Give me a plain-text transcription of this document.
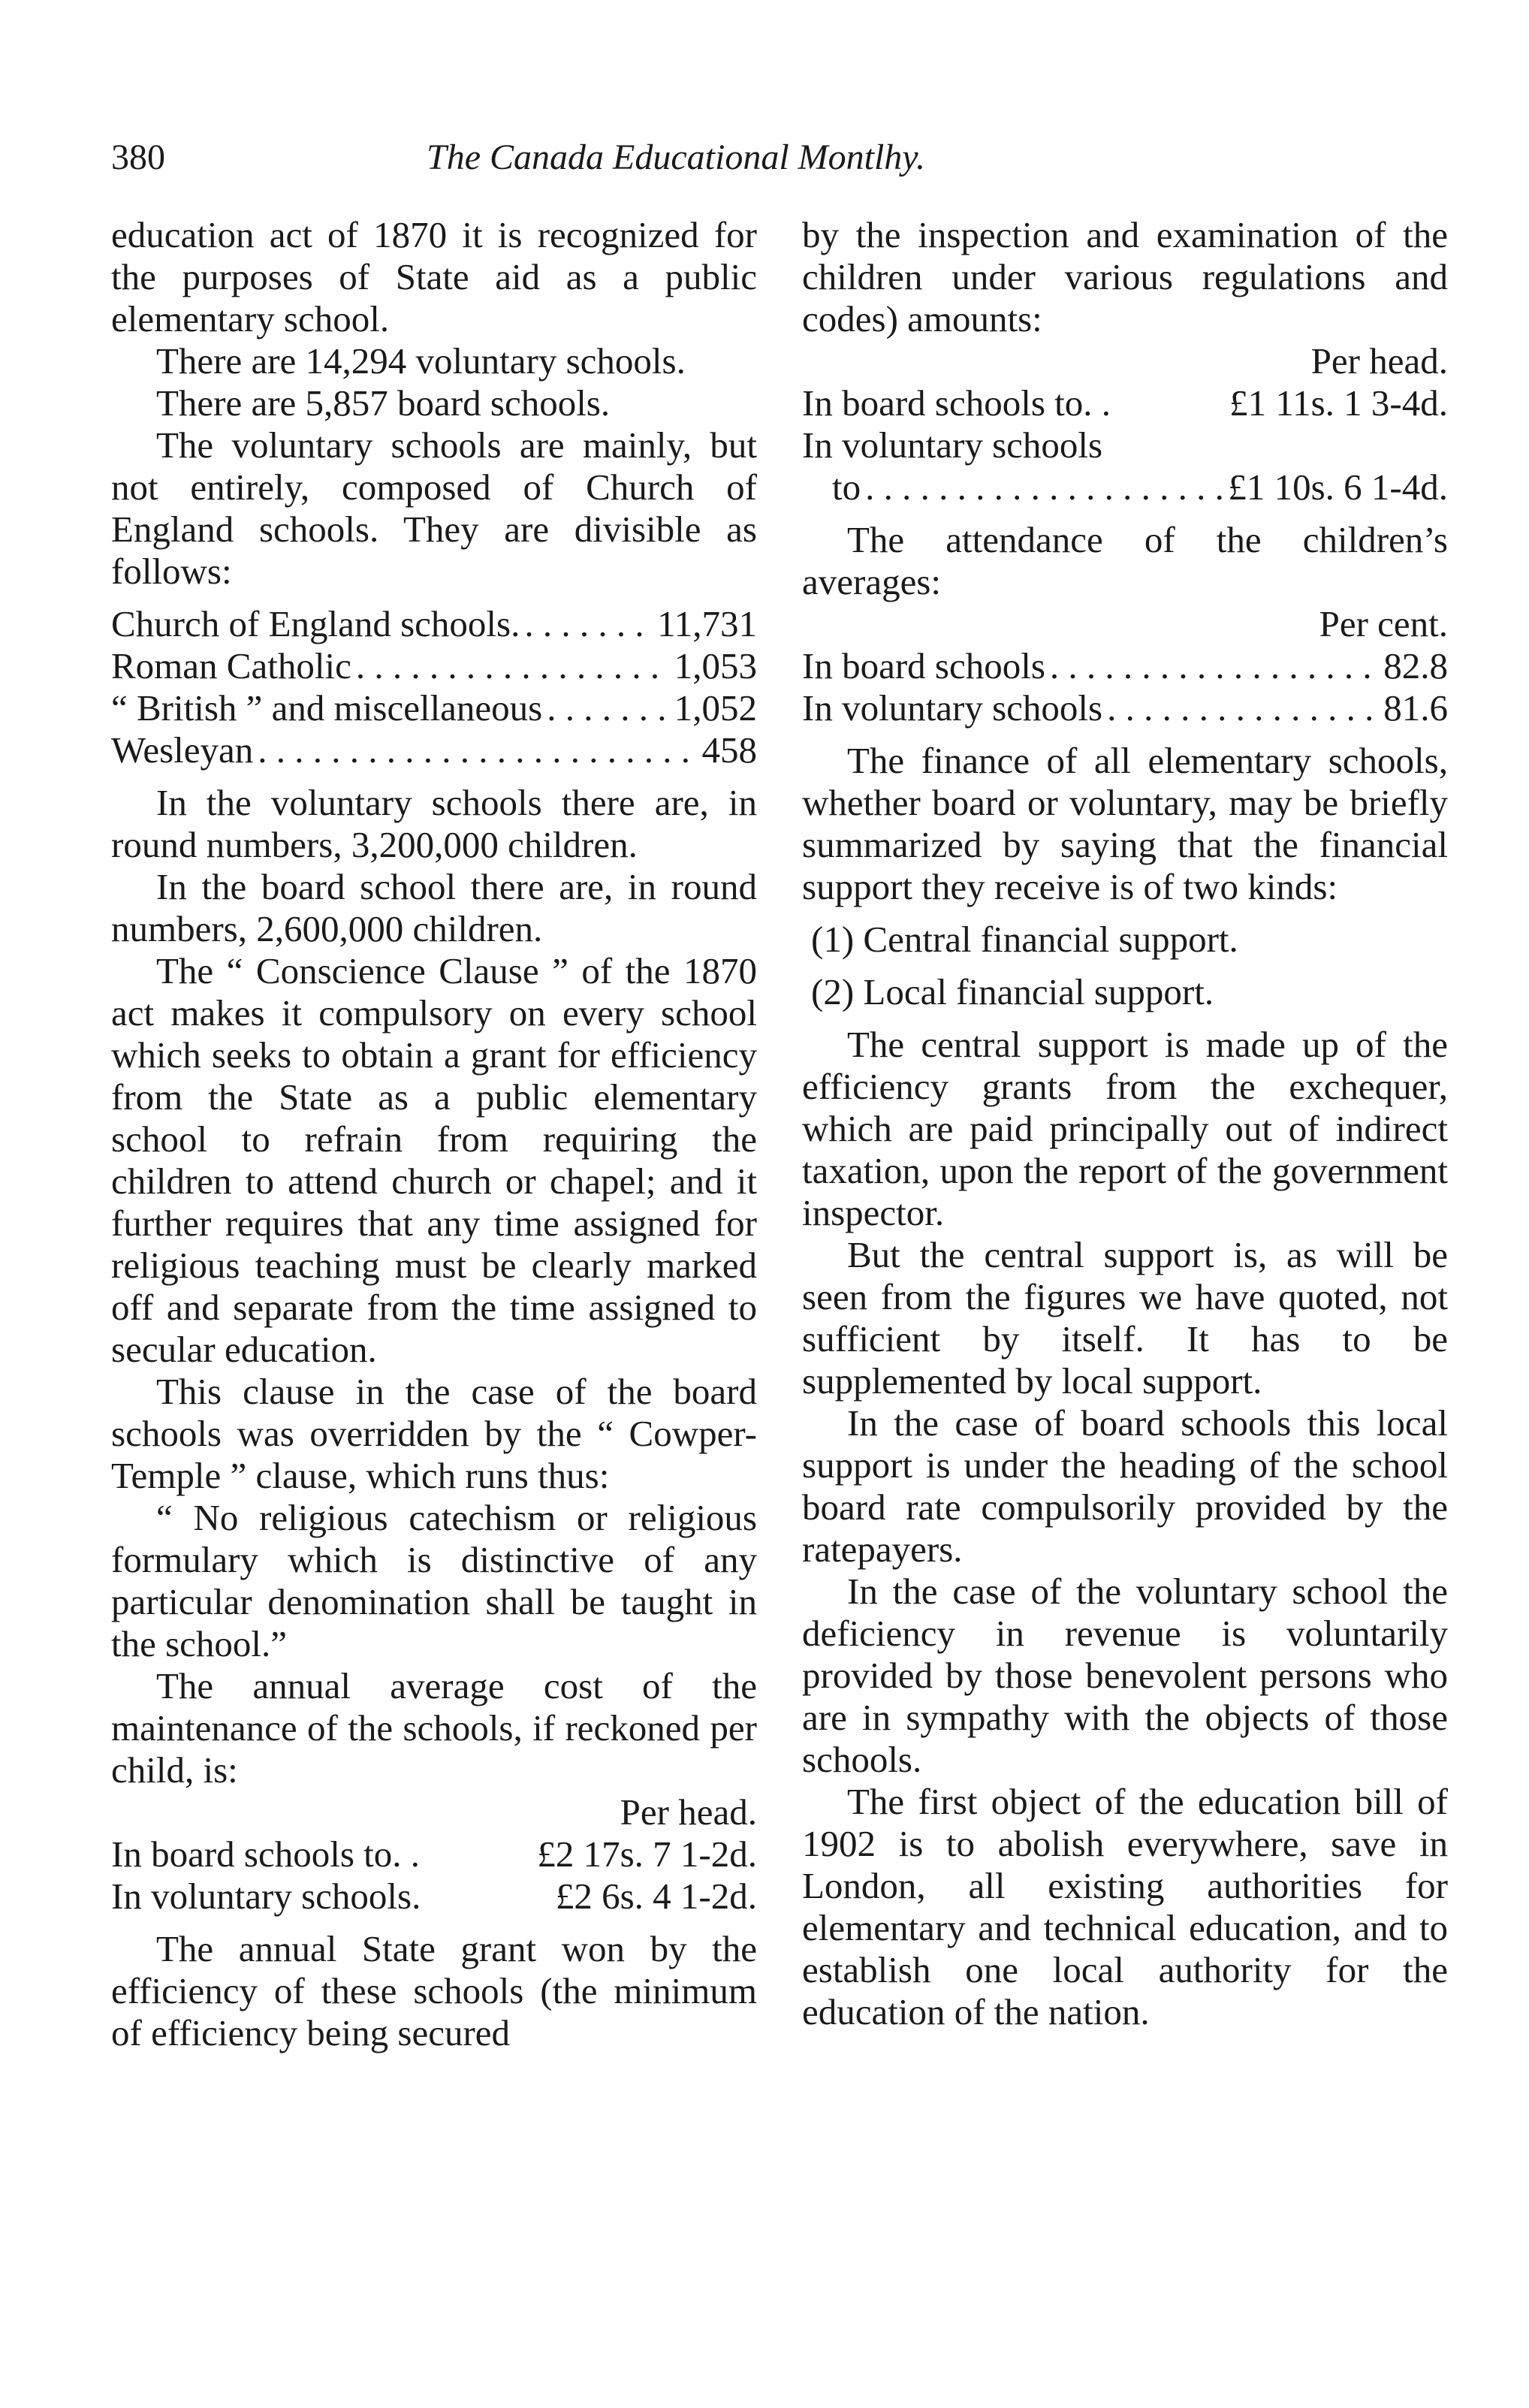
380	The Canada Educational Montlhy.

education act of 1870 it is recognized for the purposes of State aid as a public elementary school.

There are 14,294 voluntary schools.

There are 5,857 board schools.

The voluntary schools are mainly, but not entirely, composed of Church of England schools. They are divisible as follows:

Church of England schools. . . .	11,731
Roman Catholic . . .	1,053
“ British ” and miscellaneous . . .	1,052
Wesleyan . . .	458

In the voluntary schools there are, in round numbers, 3,200,000 children.

In the board school there are, in round numbers, 2,600,000 children.

The “ Conscience Clause ” of the 1870 act makes it compulsory on every school which seeks to obtain a grant for efficiency from the State as a public elementary school to refrain from requiring the children to attend church or chapel; and it further requires that any time assigned for religious teaching must be clearly marked off and separate from the time assigned to secular education.

This clause in the case of the board schools was overridden by the “ Cowper-Temple ” clause, which runs thus:

“ No religious catechism or religious formulary which is distinctive of any particular denomination shall be taught in the school.”

The annual average cost of the maintenance of the schools, if reckoned per child, is:

Per head.

In board schools to. .	£2 17s. 7 1-2d.
In voluntary schools.	£2 6s. 4 1-2d.

The annual State grant won by the efficiency of these schools (the minimum of efficiency being secured

by the inspection and examination of the children under various regulations and codes) amounts:

Per head.

In board schools to. .	£1 11s. 1 3-4d.
In voluntary schools
to . . .	£1 10s. 6 1-4d.

The attendance of the children’s averages:

Per cent.

In board schools . . .	82.8
In voluntary schools . . .	81.6

The finance of all elementary schools, whether board or voluntary, may be briefly summarized by saying that the financial support they receive is of two kinds:

(1) Central financial support.

(2) Local financial support.

The central support is made up of the efficiency grants from the exchequer, which are paid principally out of indirect taxation, upon the report of the government inspector.

But the central support is, as will be seen from the figures we have quoted, not sufficient by itself. It has to be supplemented by local support.

In the case of board schools this local support is under the heading of the school board rate compulsorily provided by the ratepayers.

In the case of the voluntary school the deficiency in revenue is voluntarily provided by those benevolent persons who are in sympathy with the objects of those schools.

The first object of the education bill of 1902 is to abolish everywhere, save in London, all existing authorities for elementary and technical education, and to establish one local authority for the education of the nation.
